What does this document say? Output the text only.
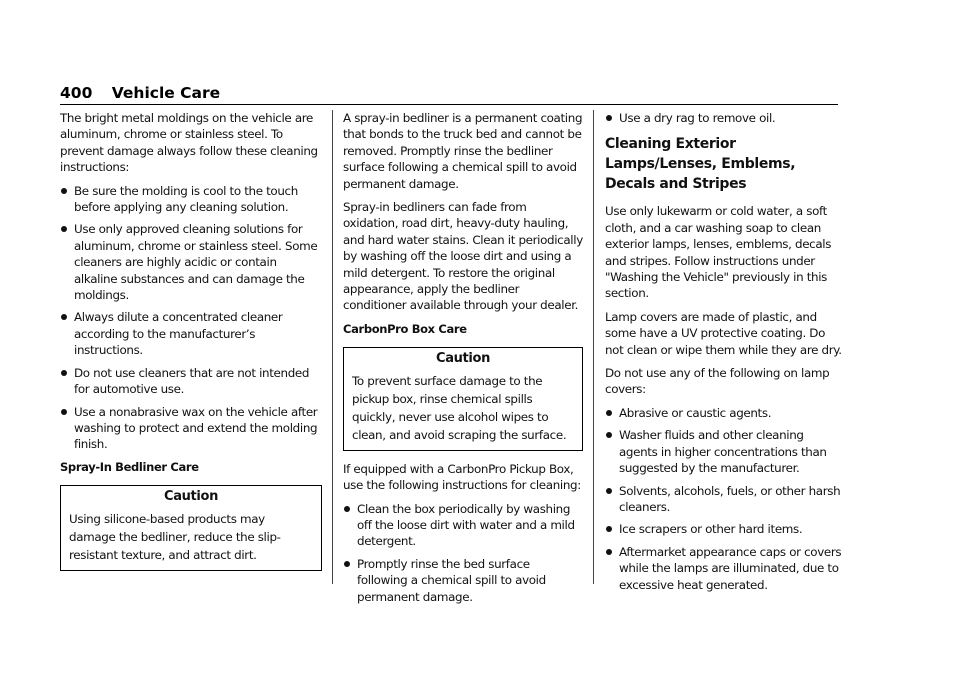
400 Vehicle Care

The bright metal moldings on the vehicle are aluminum, chrome or stainless steel. To prevent damage always follow these cleaning instructions:

Be sure the molding is cool to the touch before applying any cleaning solution.
Use only approved cleaning solutions for aluminum, chrome or stainless steel. Some cleaners are highly acidic or contain alkaline substances and can damage the moldings.
Always dilute a concentrated cleaner according to the manufacturer’s instructions.
Do not use cleaners that are not intended for automotive use.
Use a nonabrasive wax on the vehicle after washing to protect and extend the molding finish.
Spray-In Bedliner Care
Caution
Using silicone-based products may damage the bedliner, reduce the slip-resistant texture, and attract dirt.

A spray-in bedliner is a permanent coating that bonds to the truck bed and cannot be removed. Promptly rinse the bedliner surface following a chemical spill to avoid permanent damage.

Spray-in bedliners can fade from oxidation, road dirt, heavy-duty hauling, and hard water stains. Clean it periodically by washing off the loose dirt and using a mild detergent. To restore the original appearance, apply the bedliner conditioner available through your dealer.

CarbonPro Box Care
Caution
To prevent surface damage to the pickup box, rinse chemical spills quickly, never use alcohol wipes to clean, and avoid scraping the surface.

If equipped with a CarbonPro Pickup Box, use the following instructions for cleaning:

Clean the box periodically by washing off the loose dirt with water and a mild detergent.
Promptly rinse the bed surface following a chemical spill to avoid permanent damage.
Use a dry rag to remove oil.
Cleaning Exterior Lamps/Lenses, Emblems, Decals and Stripes

Use only lukewarm or cold water, a soft cloth, and a car washing soap to clean exterior lamps, lenses, emblems, decals and stripes. Follow instructions under "Washing the Vehicle" previously in this section.

Lamp covers are made of plastic, and some have a UV protective coating. Do not clean or wipe them while they are dry.

Do not use any of the following on lamp covers:

Abrasive or caustic agents.
Washer fluids and other cleaning agents in higher concentrations than suggested by the manufacturer.
Solvents, alcohols, fuels, or other harsh cleaners.
Ice scrapers or other hard items.
Aftermarket appearance caps or covers while the lamps are illuminated, due to excessive heat generated.
